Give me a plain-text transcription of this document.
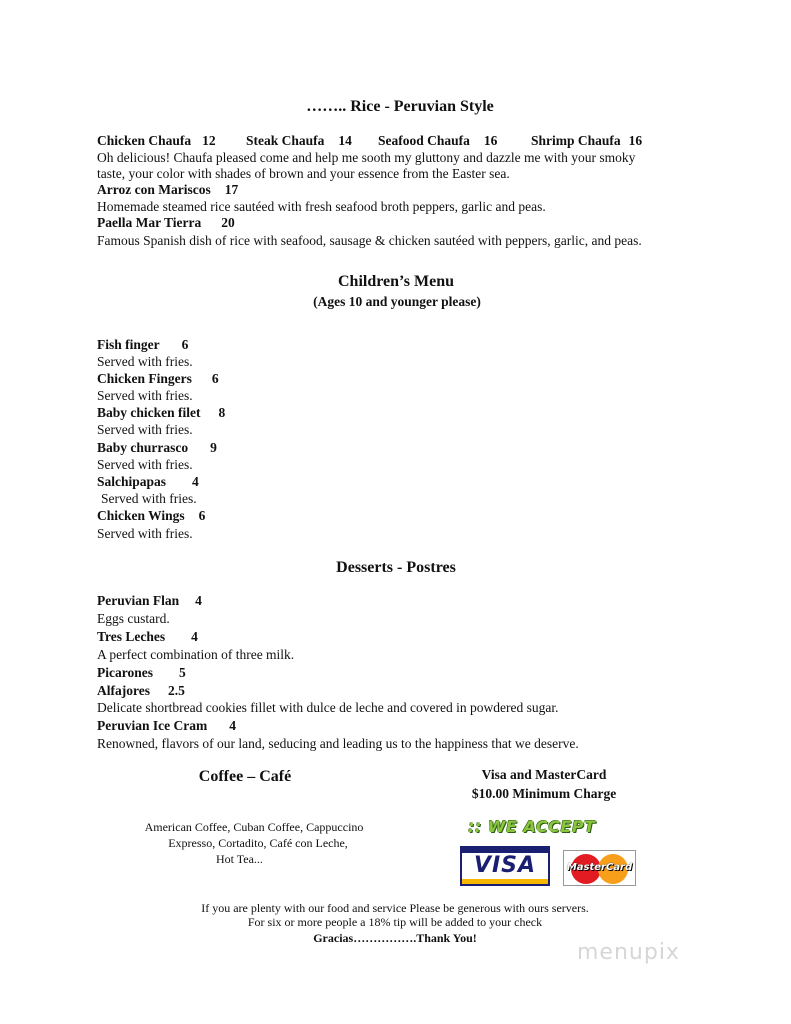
…….. Rice - Peruvian Style
Chicken Chaufa 12 Steak Chaufa 14 Seafood Chaufa 16 Shrimp Chaufa 16
Oh delicious! Chaufa pleased come and help me sooth my gluttony and dazzle me with your smoky
taste, your color with shades of brown and your essence from the Easter sea.
Arroz con Mariscos 17
Homemade steamed rice sautéed with fresh seafood broth peppers, garlic and peas.
Paella Mar Tierra 20
Famous Spanish dish of rice with seafood, sausage & chicken sautéed with peppers, garlic, and peas.
Children’s Menu
(Ages 10 and younger please)
Fish finger 6
Served with fries.
Chicken Fingers 6
Served with fries.
Baby chicken filet 8
Served with fries.
Baby churrasco 9
Served with fries.
Salchipapas 4
Served with fries.
Chicken Wings 6
Served with fries.
Desserts - Postres
Peruvian Flan 4
Eggs custard.
Tres Leches 4
A perfect combination of three milk.
Picarones 5
Alfajores 2.5
Delicate shortbread cookies fillet with dulce de leche and covered in powdered sugar.
Peruvian Ice Cram 4
Renowned, flavors of our land, seducing and leading us to the happiness that we deserve.
Coffee – Café
American Coffee, Cuban Coffee, Cappuccino
Expresso, Cortadito, Café con Leche,
Hot Tea...
Visa and MasterCard
$10.00 Minimum Charge
:: WE ACCEPT
VISA	MasterCard
If you are plenty with our food and service Please be generous with ours servers.
For six or more people a 18% tip will be added to your check
Gracias…………….Thank You!
menupix
